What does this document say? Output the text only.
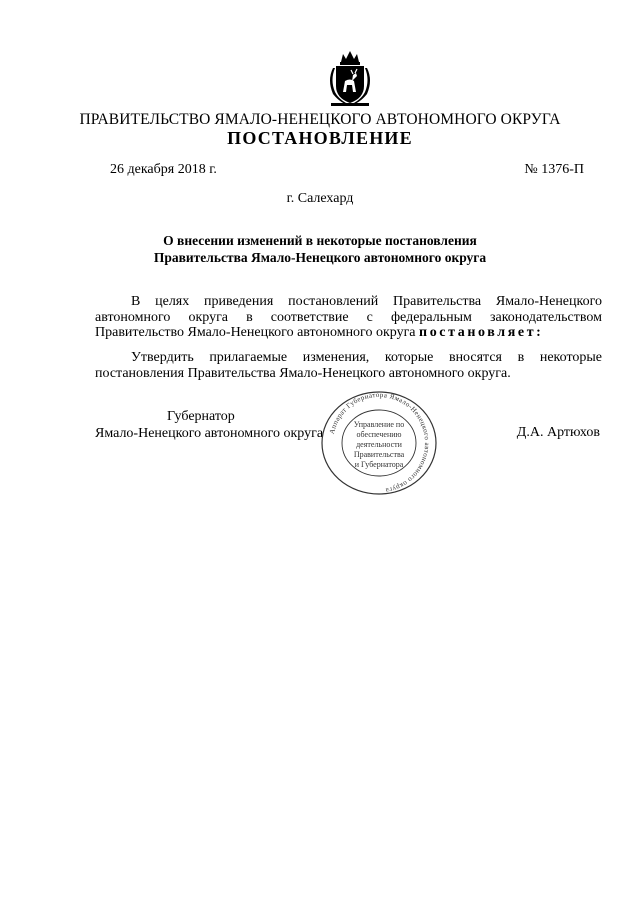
ПРАВИТЕЛЬСТВО ЯМАЛО-НЕНЕЦКОГО АВТОНОМНОГО ОКРУГА
ПОСТАНОВЛЕНИЕ
26 декабря 2018 г.	№ 1376-П
г. Салехард
О внесении изменений в некоторые постановления
Правительства Ямало-Ненецкого автономного округа
В целях приведения постановлений Правительства Ямало-Ненецкого автономного округа в соответствие с федеральным законодательством Правительство Ямало-Ненецкого автономного округа постановляет:
Утвердить прилагаемые изменения, которые вносятся в некоторые постановления Правительства Ямало-Ненецкого автономного округа.
Губернатор
Ямало-Ненецкого автономного округа	Д.А. Артюхов
Аппарат Губернатора Ямало-Ненецкого автономного округа
Управление по
обеспечению
деятельности
Правительства
и Губернатора
